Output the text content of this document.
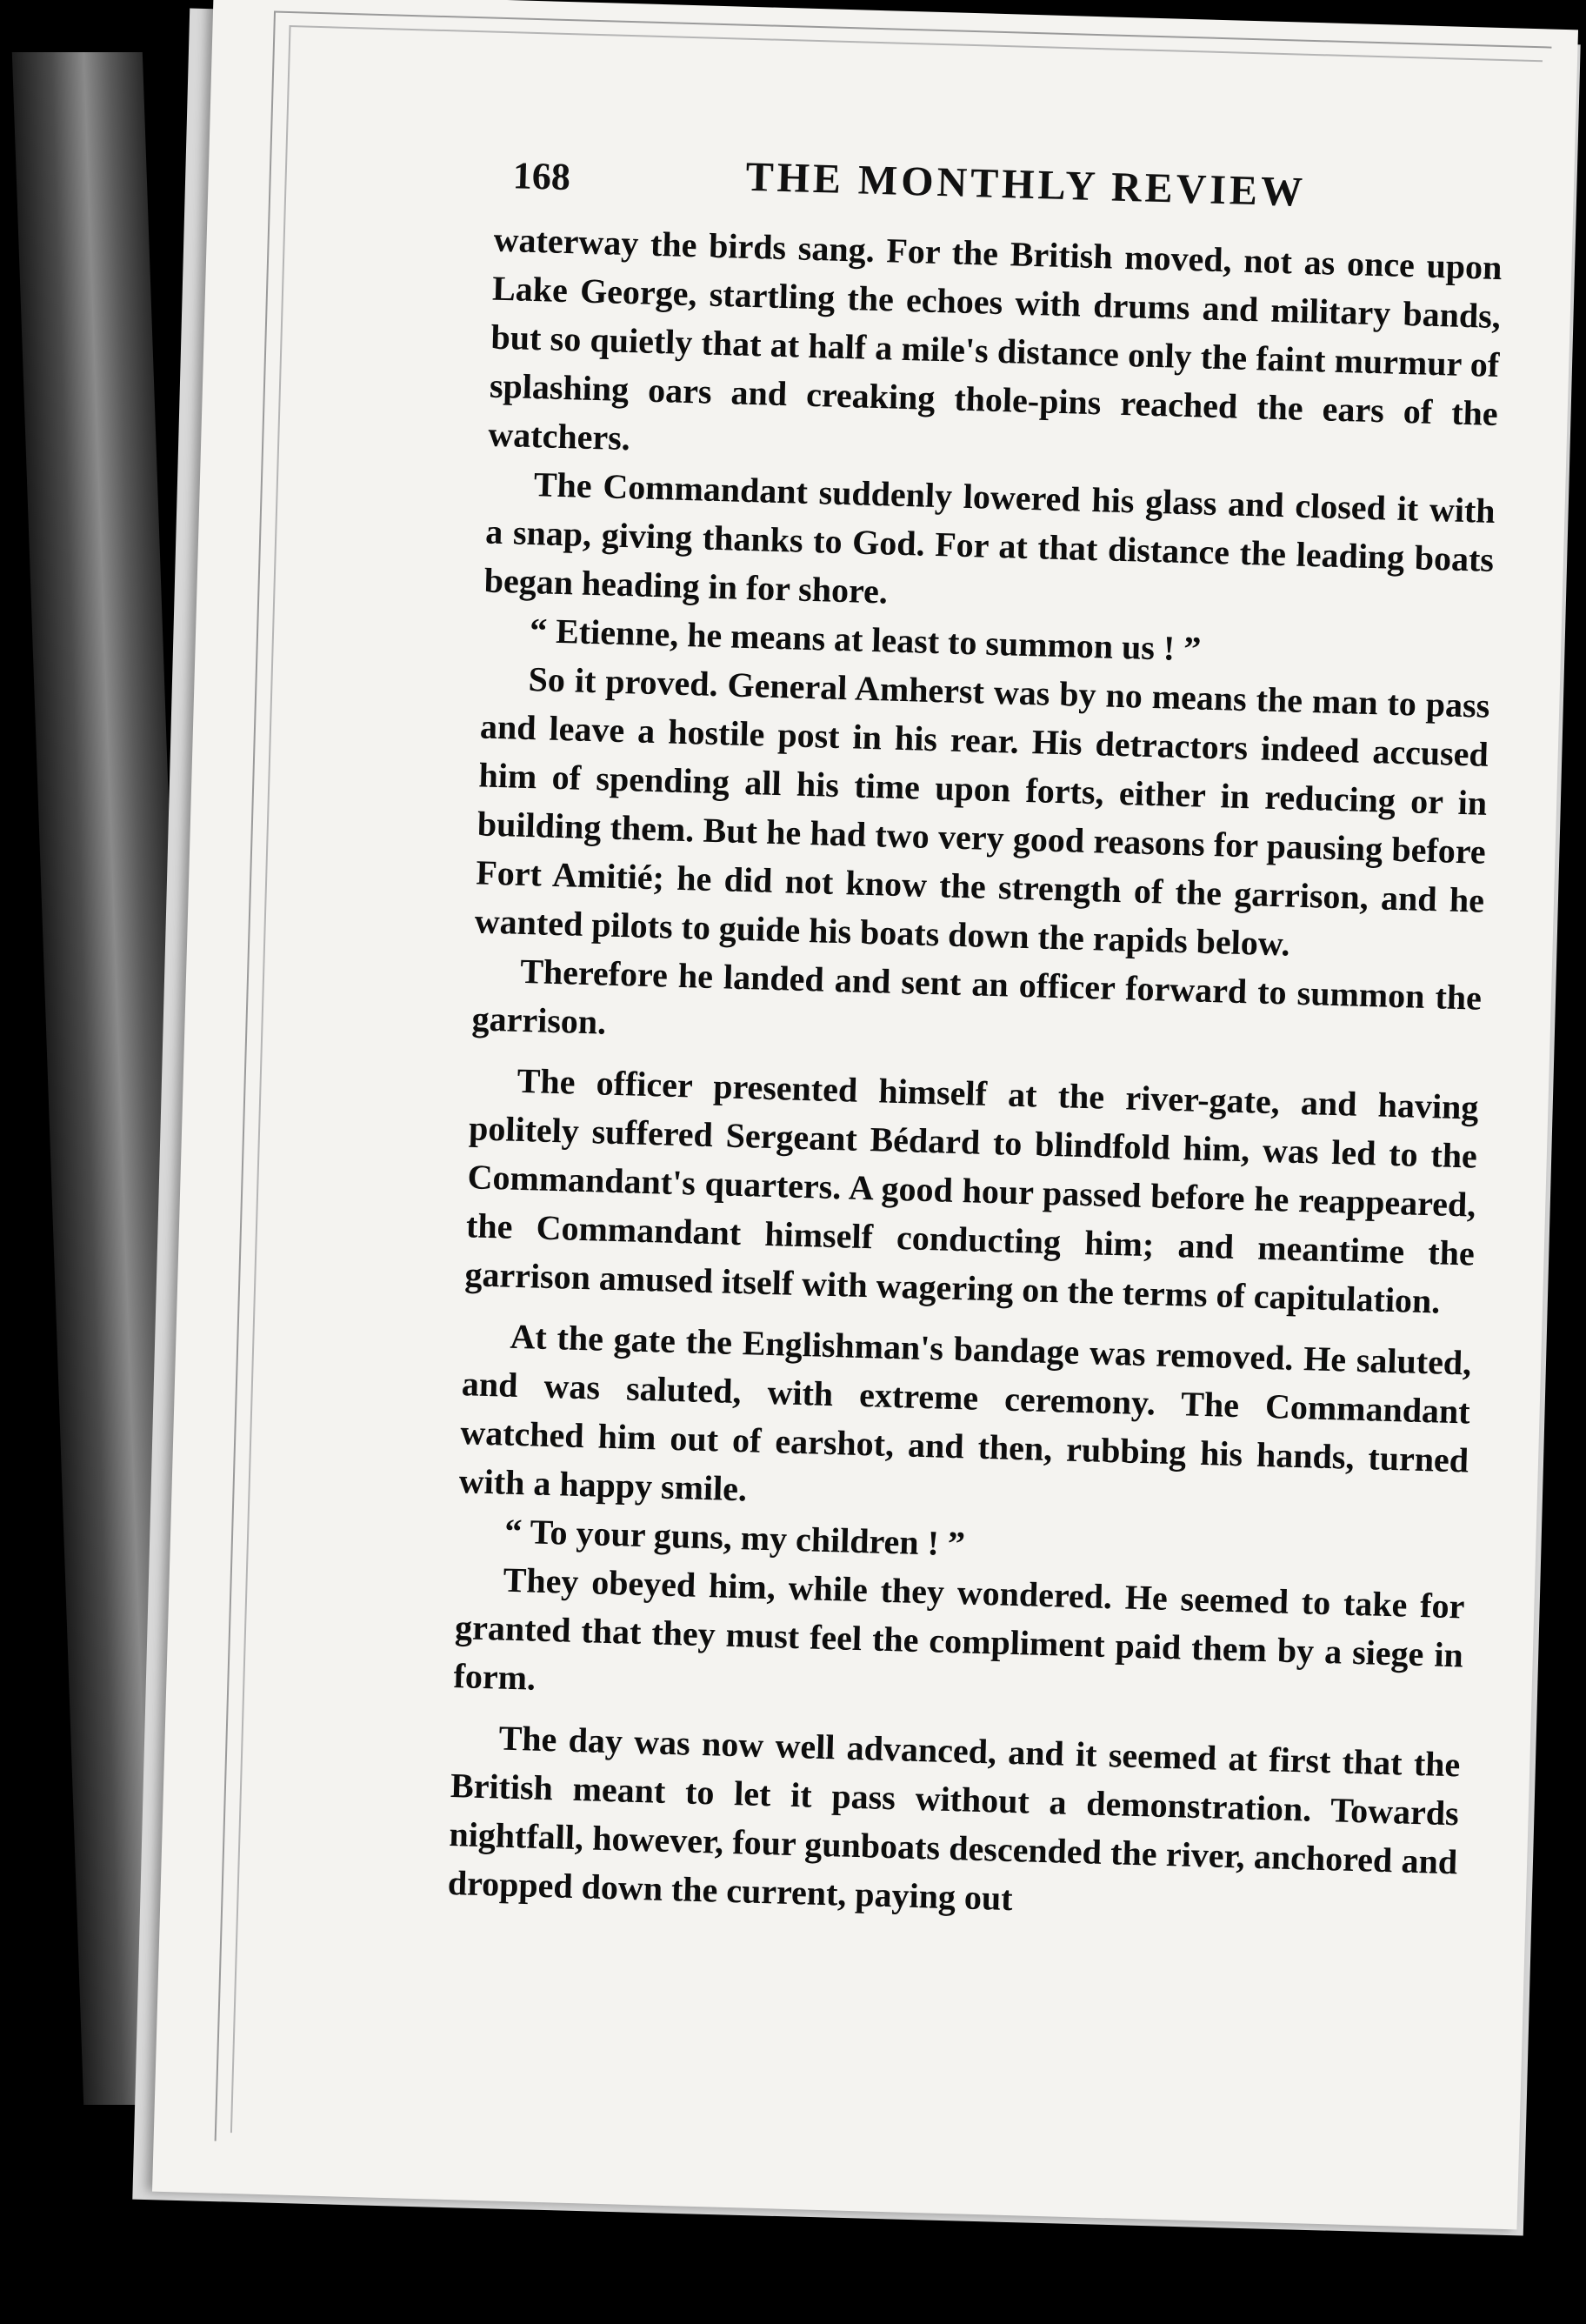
168	THE MONTHLY REVIEW

waterway the birds sang. For the British moved, not as once upon Lake George, startling the echoes with drums and military bands, but so quietly that at half a mile's distance only the faint murmur of splashing oars and creaking thole-pins reached the ears of the watchers.

The Commandant suddenly lowered his glass and closed it with a snap, giving thanks to God. For at that distance the leading boats began heading in for shore.

“ Etienne, he means at least to summon us ! ”

So it proved. General Amherst was by no means the man to pass and leave a hostile post in his rear. His detractors indeed accused him of spending all his time upon forts, either in reducing or in building them. But he had two very good reasons for pausing before Fort Amitié; he did not know the strength of the garrison, and he wanted pilots to guide his boats down the rapids below.

Therefore he landed and sent an officer forward to summon the garrison.

The officer presented himself at the river-gate, and having politely suffered Sergeant Bédard to blindfold him, was led to the Commandant's quarters. A good hour passed before he reappeared, the Commandant himself conducting him; and meantime the garrison amused itself with wagering on the terms of capitulation.

At the gate the Englishman's bandage was removed. He saluted, and was saluted, with extreme ceremony. The Commandant watched him out of earshot, and then, rubbing his hands, turned with a happy smile.

“ To your guns, my children ! ”

They obeyed him, while they wondered. He seemed to take for granted that they must feel the compliment paid them by a siege in form.

The day was now well advanced, and it seemed at first that the British meant to let it pass without a demonstration. Towards nightfall, however, four gunboats descended the river, anchored and dropped down the current, paying out
